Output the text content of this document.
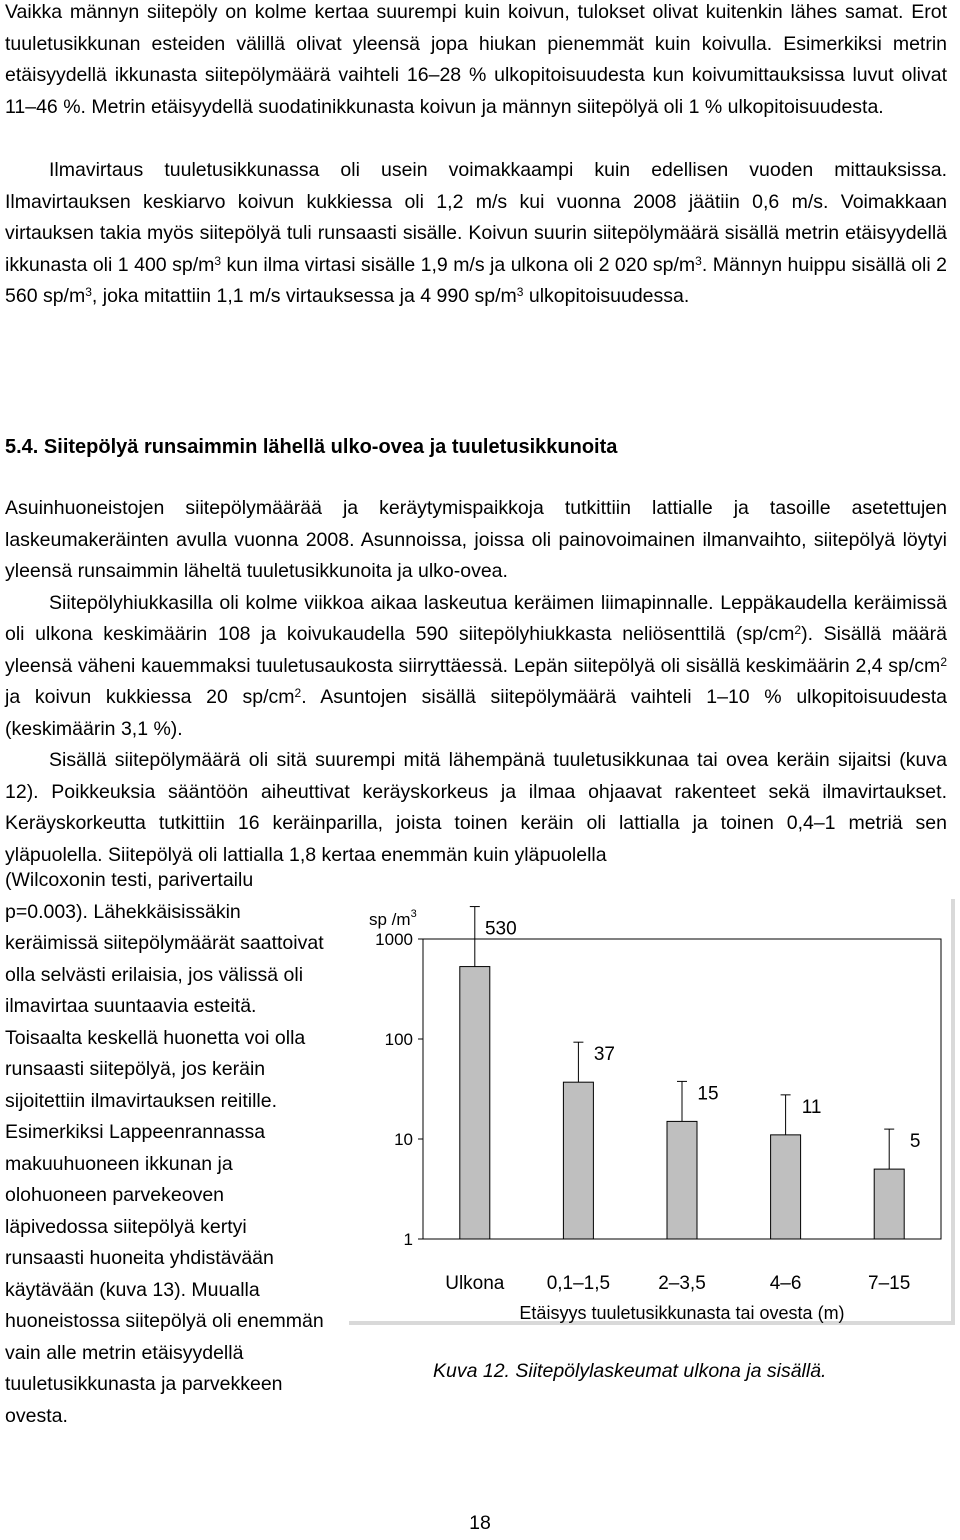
Vaikka männyn siitepöly on kolme kertaa suurempi kuin koivun, tulokset olivat kuitenkin lähes samat. Erot tuuletusikkunan esteiden välillä olivat yleensä jopa hiukan pienemmät kuin koivulla. Esimerkiksi metrin etäisyydellä ikkunasta siitepölymäärä vaihteli 16–28 % ulkopitoisuudesta kun koivumittauksissa luvut olivat 11–46 %. Metrin etäisyydellä suodatinikkunasta koivun ja männyn siitepölyä oli 1 % ulkopitoisuudesta.

Ilmavirtaus tuuletusikkunassa oli usein voimakkaampi kuin edellisen vuoden mittauksissa. Ilmavirtauksen keskiarvo koivun kukkiessa oli 1,2 m/s kui vuonna 2008 jäätiin 0,6 m/s. Voimakkaan virtauksen takia myös siitepölyä tuli runsaasti sisälle. Koivun suurin siitepölymäärä sisällä metrin etäisyydellä ikkunasta oli 1 400 $sp/m^3$ kun ilma virtasi sisälle 1,9 m/s ja ulkona oli 2 020 $sp/m^3$. Männyn huippu sisällä oli 2 560 $sp/m^3$, joka mitattiin 1,1 m/s virtauksessa ja 4 990 $sp/m^3$ ulkopitoisuudessa.

5.4. Siitepölyä runsaimmin lähellä ulko-ovea ja tuuletusikkunoita

Asuinhuoneistojen siitepölymäärää ja keräytymispaikkoja tutkittiin lattialle ja tasoille asetettujen laskeumakeräinten avulla vuonna 2008. Asunnoissa, joissa oli painovoimainen ilmanvaihto, siitepölyä löytyi yleensä runsaimmin läheltä tuuletusikkunoita ja ulko-ovea.

Siitepölyhiukkasilla oli kolme viikkoa aikaa laskeutua keräimen liimapinnalle. Leppäkaudella keräimissä oli ulkona keskimäärin 108 ja koivukaudella 590 siitepölyhiukkasta neliösenttilä $(sp/cm^2)$. Sisällä määrä yleensä väheni kauemmaksi tuuletusaukosta siirryttäessä. Lepän siitepölyä oli sisällä keskimäärin 2,4 $sp/cm^2$ ja koivun kukkiessa 20 $sp/cm^2$. Asuntojen sisällä siitepölymäärä vaihteli 1–10 % ulkopitoisuudesta (keskimäärin 3,1 %).

Sisällä siitepölymäärä oli sitä suurempi mitä lähempänä tuuletusikkunaa tai ovea keräin sijaitsi (kuva 12). Poikkeuksia sääntöön aiheuttivat keräyskorkeus ja ilmaa ohjaavat rakenteet sekä ilmavirtaukset. Keräyskorkeutta tutkittiin 16 keräinparilla, joista toinen keräin oli lattialla ja toinen 0,4–1 metriä sen yläpuolella. Siitepölyä oli lattialla 1,8 kertaa enemmän kuin yläpuolella

(Wilcoxonin testi, parivertailu p=0.003). Lähekkäisissäkin keräimissä siitepölymäärät saattoivat olla selvästi erilaisia, jos välissä oli ilmavirtaa suuntaavia esteitä. Toisaalta keskellä huonetta voi olla runsaasti siitepölyä, jos keräin sijoitettiin ilmavirtauksen reitille. Esimerkiksi Lappeenrannassa makuuhuoneen ikkunan ja olohuoneen parvekeoven läpivedossa siitepölyä kertyi runsaasti huoneita yhdistävään käytävään (kuva 13). Muualla huoneistossa siitepölyä oli enemmän vain alle metrin etäisyydellä tuuletusikkunasta ja parvekkeen ovesta.

1000
100
10
1
530
Ulkona
37
0,1–1,5
15
2–3,5
11
4–6
5
7–15
sp $/m^3$
Etäisyys tuuletusikkunasta tai ovesta (m)

Kuva 12. Siitepölylaskeumat ulkona ja sisällä.

18
